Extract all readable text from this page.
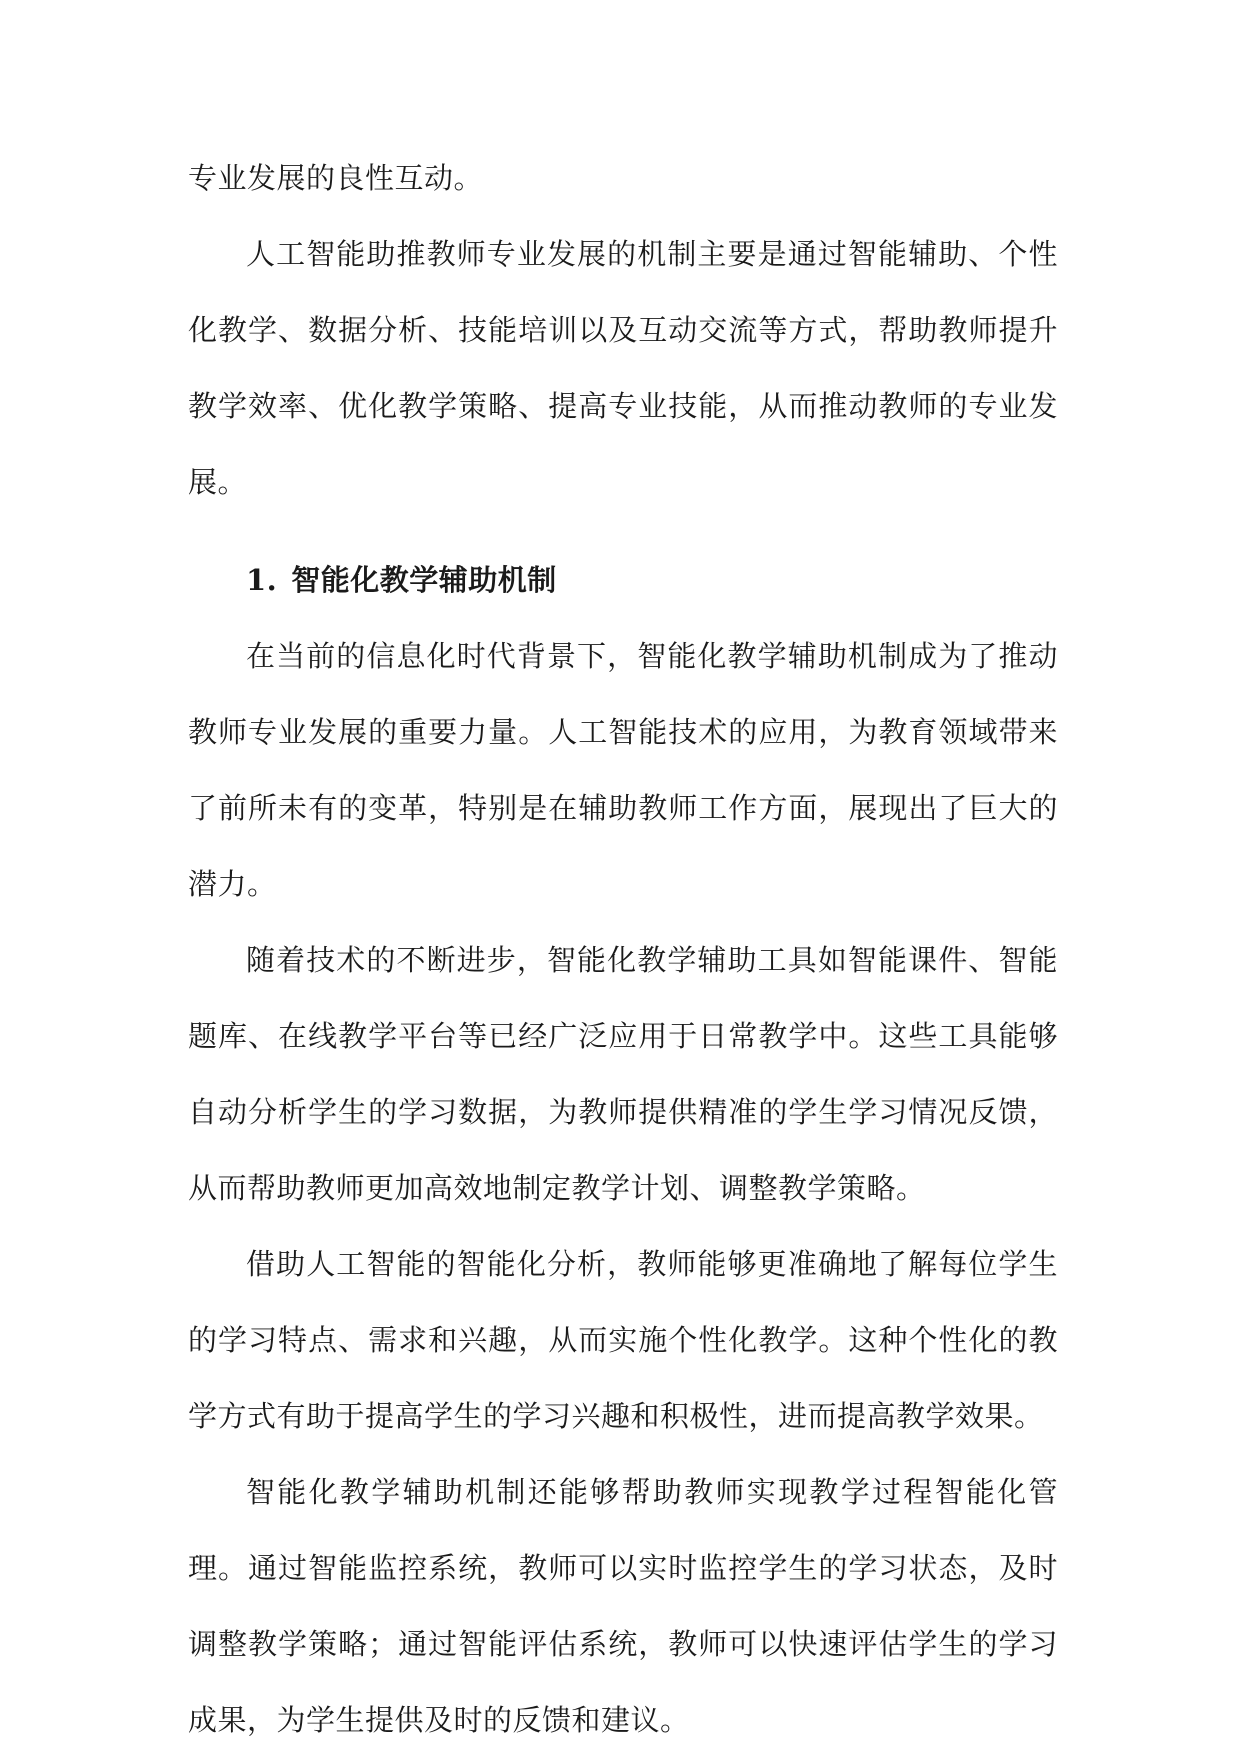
专业发展的良性互动。

人工智能助推教师专业发展的机制主要是通过智能辅助、个性化教学、数据分析、技能培训以及互动交流等方式，帮助教师提升教学效率、优化教学策略、提高专业技能，从而推动教师的专业发展。

1. 智能化教学辅助机制

在当前的信息化时代背景下，智能化教学辅助机制成为了推动教师专业发展的重要力量。人工智能技术的应用，为教育领域带来了前所未有的变革，特别是在辅助教师工作方面，展现出了巨大的潜力。

随着技术的不断进步，智能化教学辅助工具如智能课件、智能题库、在线教学平台等已经广泛应用于日常教学中。这些工具能够自动分析学生的学习数据，为教师提供精准的学生学习情况反馈，从而帮助教师更加高效地制定教学计划、调整教学策略。

借助人工智能的智能化分析，教师能够更准确地了解每位学生的学习特点、需求和兴趣，从而实施个性化教学。这种个性化的教学方式有助于提高学生的学习兴趣和积极性，进而提高教学效果。

智能化教学辅助机制还能够帮助教师实现教学过程智能化管理。通过智能监控系统，教师可以实时监控学生的学习状态，及时调整教学策略；通过智能评估系统，教师可以快速评估学生的学习成果，为学生提供及时的反馈和建议。
